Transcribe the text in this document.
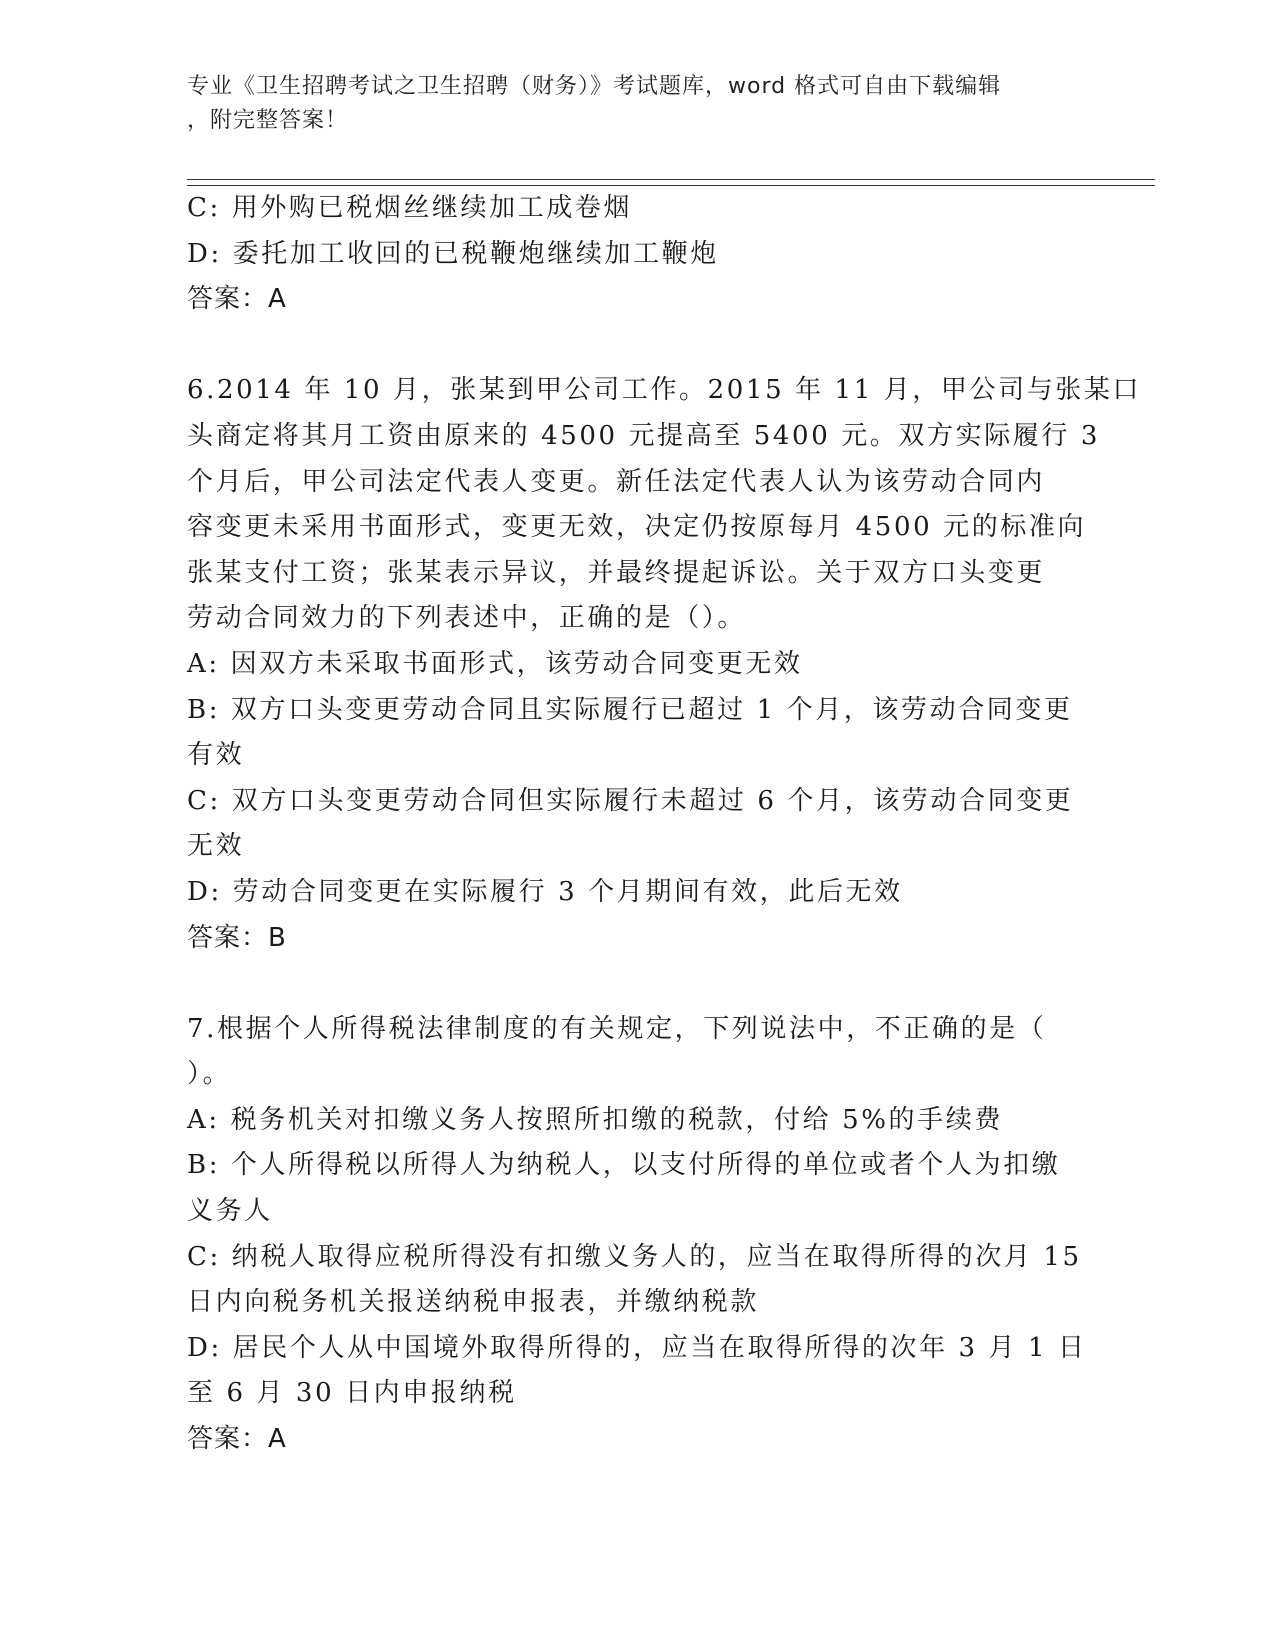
专业《卫生招聘考试之卫生招聘（财务）》考试题库，word 格式可自由下载编辑
，附完整答案！
C: 用外购已税烟丝继续加工成卷烟
D: 委托加工收回的已税鞭炮继续加工鞭炮
答案：A
6.2014 年 10 月，张某到甲公司工作。2015 年 11 月，甲公司与张某口
头商定将其月工资由原来的 4500 元提高至 5400 元。双方实际履行 3
个月后，甲公司法定代表人变更。新任法定代表人认为该劳动合同内
容变更未采用书面形式，变更无效，决定仍按原每月 4500 元的标准向
张某支付工资；张某表示异议，并最终提起诉讼。关于双方口头变更
劳动合同效力的下列表述中，正确的是（）。
A: 因双方未采取书面形式，该劳动合同变更无效
B: 双方口头变更劳动合同且实际履行已超过 1 个月，该劳动合同变更
有效
C: 双方口头变更劳动合同但实际履行未超过 6 个月，该劳动合同变更
无效
D: 劳动合同变更在实际履行 3 个月期间有效，此后无效
答案：B
7.根据个人所得税法律制度的有关规定，下列说法中，不正确的是（
）。
A: 税务机关对扣缴义务人按照所扣缴的税款，付给 5%的手续费
B: 个人所得税以所得人为纳税人，以支付所得的单位或者个人为扣缴
义务人
C: 纳税人取得应税所得没有扣缴义务人的，应当在取得所得的次月 15
日内向税务机关报送纳税申报表，并缴纳税款
D: 居民个人从中国境外取得所得的，应当在取得所得的次年 3 月 1 日
至 6 月 30 日内申报纳税
答案：A
